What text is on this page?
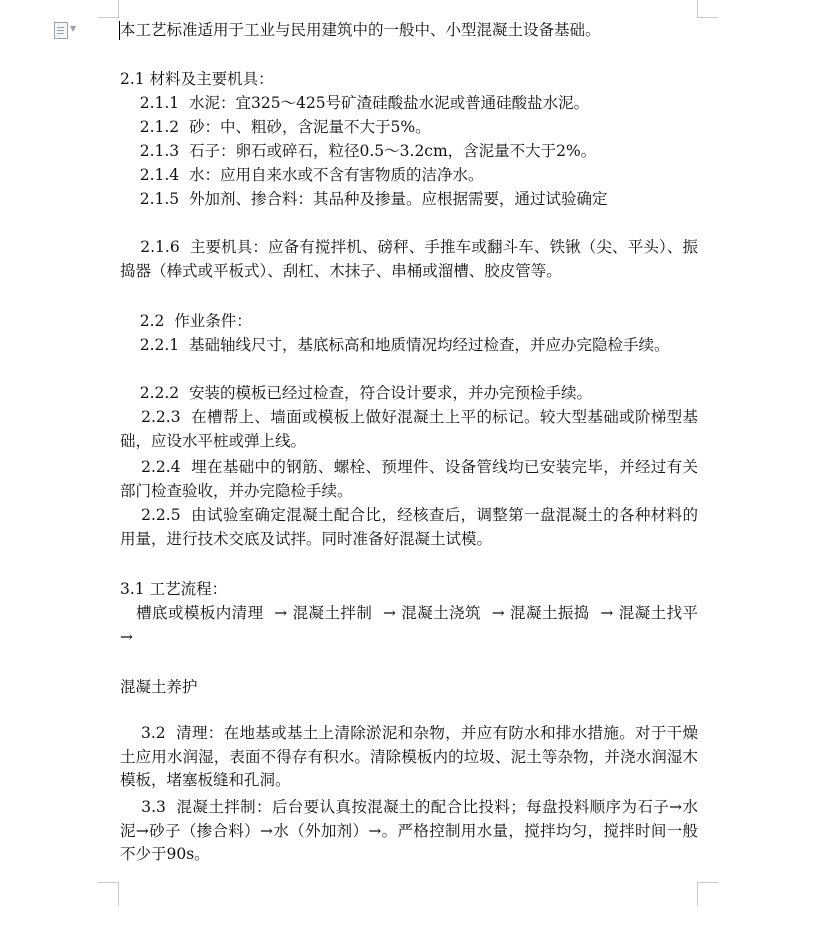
▼	本工艺标准适用于工业与民用建筑中的一般中、小型混凝土设备基础。

2.1 材料及主要机具：

2.1.1  水泥：宜325～425号矿渣硅酸盐水泥或普通硅酸盐水泥。

2.1.2  砂：中、粗砂，含泥量不大于5%。

2.1.3  石子：卵石或碎石，粒径0.5～3.2cm，含泥量不大于2%。

2.1.4  水：应用自来水或不含有害物质的洁净水。

2.1.5  外加剂、掺合料：其品种及掺量。应根据需要，通过试验确定

2.1.6  主要机具：应备有搅拌机、磅秤、手推车或翻斗车、铁锹（尖、平头）、振捣器（棒式或平板式）、刮杠、木抹子、串桶或溜槽、胶皮管等。

2.2  作业条件：

2.2.1  基础轴线尺寸，基底标高和地质情况均经过检查，并应办完隐检手续。

2.2.2  安装的模板已经过检查，符合设计要求，并办完预检手续。

2.2.3  在槽帮上、墙面或模板上做好混凝土上平的标记。较大型基础或阶梯型基础，应设水平桩或弹上线。

2.2.4  埋在基础中的钢筋、螺栓、预埋件、设备管线均已安装完毕，并经过有关部门检查验收，并办完隐检手续。

2.2.5  由试验室确定混凝土配合比，经核查后，调整第一盘混凝土的各种材料的用量，进行技术交底及试拌。同时准备好混凝土试模。

3.1 工艺流程：

槽底或模板内清理  → 混凝土拌制  → 混凝土浇筑  → 混凝土振捣  → 混凝土找平  →

混凝土养护

3.2  清理：在地基或基土上清除淤泥和杂物，并应有防水和排水措施。对于干燥土应用水润湿，表面不得存有积水。清除模板内的垃圾、泥土等杂物，并浇水润湿木模板，堵塞板缝和孔洞。

3.3  混凝土拌制：后台要认真按混凝土的配合比投料；每盘投料顺序为石子→水泥→砂子（掺合料）→水（外加剂）→。严格控制用水量，搅拌均匀，搅拌时间一般不少于90s。
